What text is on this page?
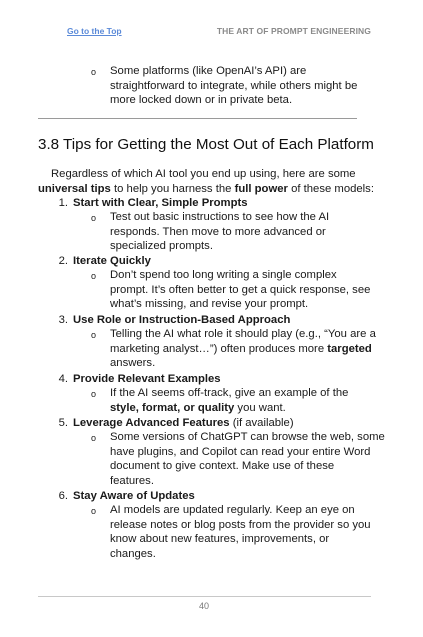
Go to the Top	THE ART OF PROMPT ENGINEERING
o Some platforms (like OpenAI’s API) are
straightforward to integrate, while others might be
more locked down or in private beta.
3.8 Tips for Getting the Most Out of Each Platform
Regardless of which AI tool you end up using, here are some
universal tips to help you harness the full power of these models:
1. Start with Clear, Simple Prompts
o Test out basic instructions to see how the AI
responds. Then move to more advanced or
specialized prompts.
2. Iterate Quickly
o Don’t spend too long writing a single complex
prompt. It’s often better to get a quick response, see
what’s missing, and revise your prompt.
3. Use Role or Instruction-Based Approach
o Telling the AI what role it should play (e.g., “You are a
marketing analyst…”) often produces more targeted
answers.
4. Provide Relevant Examples
o If the AI seems off-track, give an example of the
style, format, or quality you want.
5. Leverage Advanced Features (if available)
o Some versions of ChatGPT can browse the web, some
have plugins, and Copilot can read your entire Word
document to give context. Make use of these
features.
6. Stay Aware of Updates
o AI models are updated regularly. Keep an eye on
release notes or blog posts from the provider so you
know about new features, improvements, or
changes.
40
